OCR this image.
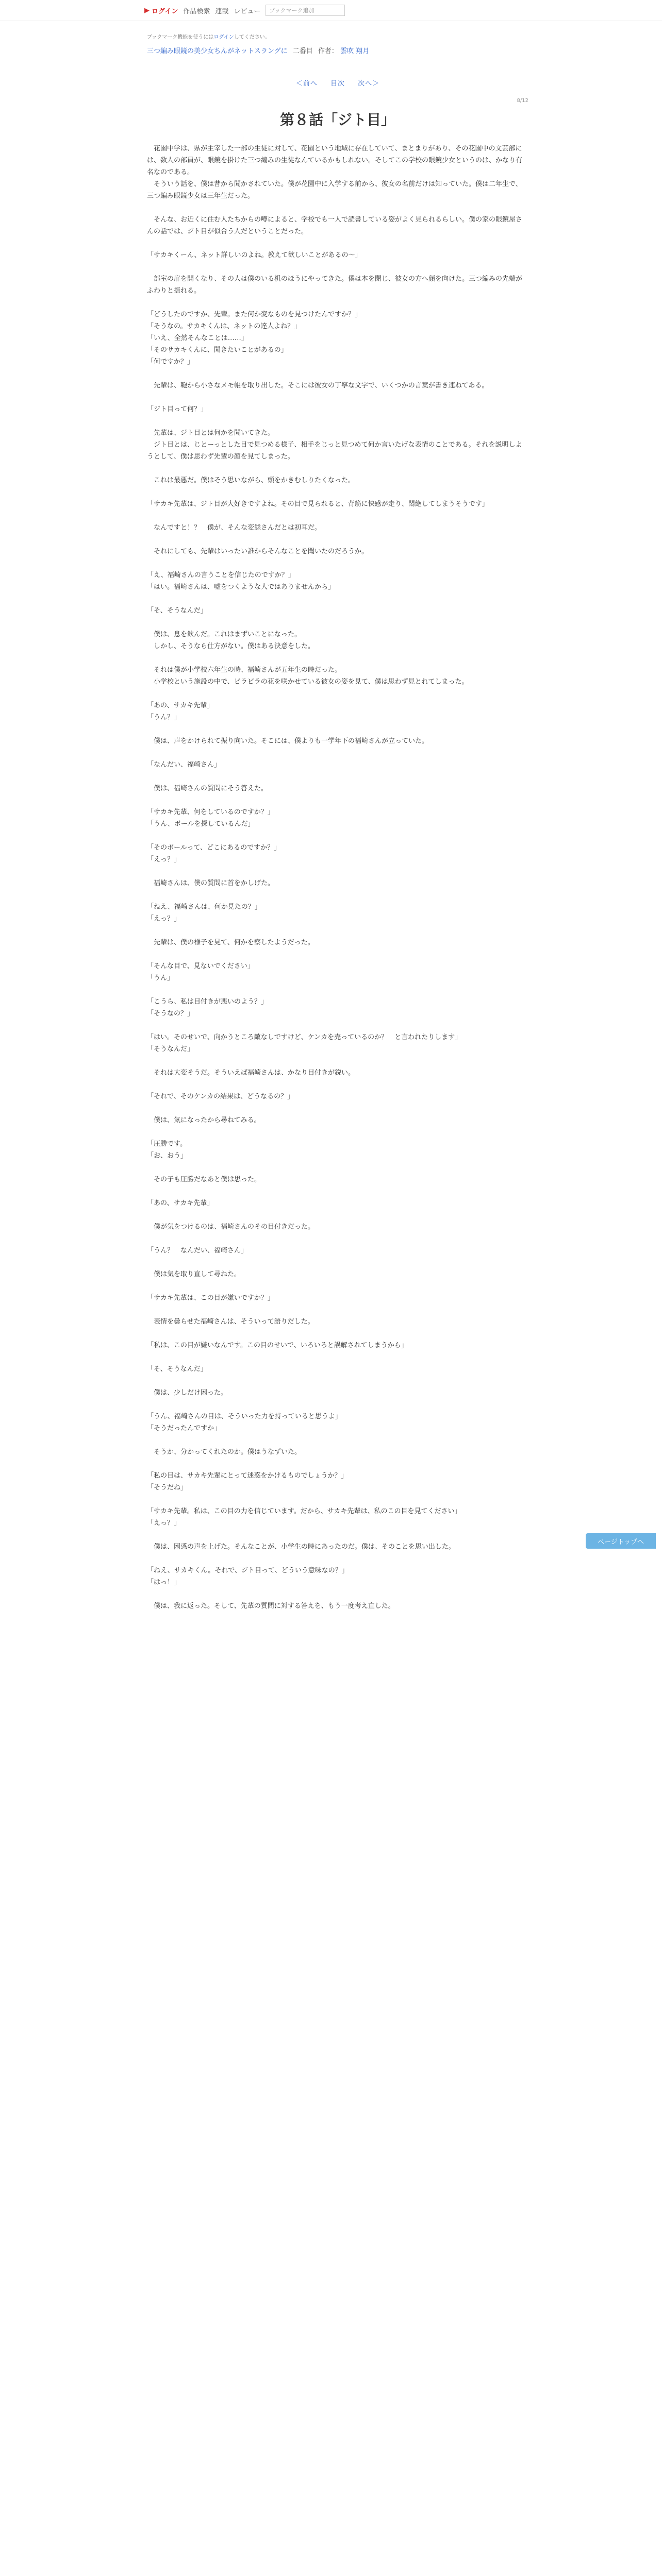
▶ ログイン 作品検索 連載 レビュー ブックマーク追加
ブックマーク機能を使うにはログインしてください。
三つ編み眼鏡の美少女ちんがネットスラングに 二番目 作者： 雲吹 翔月
＜前へ 目次 次へ＞
8/12
第８話「ジト目」

　花園中学は、県が主宰した一部の生徒に対して、花園という地域に存在していて、まとまりがあり、その花園中の文芸部には、数人の部員が、眼鏡を掛けた三つ編みの生徒なんているかもしれない。そしてこの学校の眼鏡少女というのは、かなり有名なのである。

　そういう話を、僕は昔から聞かされていた。僕が花園中に入学する前から、彼女の名前だけは知っていた。僕は二年生で、三つ編み眼鏡少女は三年生だった。

　そんな、お近くに住む人たちからの噂によると、学校でも一人で読書している姿がよく見られるらしい。僕の家の眼鏡屋さんの話では、ジト目が似合う人だということだった。

「サカキくーん、ネット詳しいのよね。教えて欲しいことがあるの～」

　部室の扉を開くなり、その人は僕のいる机のほうにやってきた。僕は本を閉じ、彼女の方へ顔を向けた。三つ編みの先端がふわりと揺れる。

「どうしたのですか、先輩。また何か変なものを見つけたんですか？」

「そうなの。サカキくんは、ネットの達人よね？」

「いえ、全然そんなことは……」

「そのサカキくんに、聞きたいことがあるの」

「何ですか？」

　先輩は、鞄から小さなメモ帳を取り出した。そこには彼女の丁寧な文字で、いくつかの言葉が書き連ねてある。

「ジト目って何？」

　先輩は、ジト目とは何かを聞いてきた。

　ジト目とは、じとーっとした目で見つめる様子、相手をじっと見つめて何か言いたげな表情のことである。それを説明しようとして、僕は思わず先輩の顔を見てしまった。

　これは最悪だ。僕はそう思いながら、頭をかきむしりたくなった。

「サカキ先輩は、ジト目が大好きですよね。その目で見られると、背筋に快感が走り、悶絶してしまうそうです」

　なんですと！？　僕が、そんな変態さんだとは初耳だ。

　それにしても、先輩はいったい誰からそんなことを聞いたのだろうか。

「え、福崎さんの言うことを信じたのですか？」

「はい。福崎さんは、嘘をつくような人ではありませんから」

「そ、そうなんだ」

　僕は、息を飲んだ。これはまずいことになった。

　しかし、そうなら仕方がない。僕はある決意をした。

　それは僕が小学校六年生の時、福崎さんが五年生の時だった。

　小学校という施設の中で、ビラビラの花を咲かせている彼女の姿を見て、僕は思わず見とれてしまった。

「あの、サカキ先輩」

「うん？」

　僕は、声をかけられて振り向いた。そこには、僕よりも一学年下の福崎さんが立っていた。

「なんだい、福崎さん」

　僕は、福崎さんの質問にそう答えた。

「サカキ先輩、何をしているのですか？」

「うん、ボールを探しているんだ」

「そのボールって、どこにあるのですか？」

「えっ？」

　福崎さんは、僕の質問に首をかしげた。

「ねえ、福崎さんは、何か見たの？」

「えっ？」

　先輩は、僕の様子を見て、何かを察したようだった。

「そんな目で、見ないでください」

「うん」

「こうら、私は目付きが悪いのよう？」

「そうなの？」

「はい。そのせいで、向かうところ敵なしですけど、ケンカを売っているのか？　と言われたりします」

「そうなんだ」

　それは大変そうだ。そういえば福崎さんは、かなり目付きが鋭い。

「それで、そのケンカの結果は、どうなるの？」

　僕は、気になったから尋ねてみる。

「圧勝です。

「お、おう」

　その子も圧勝だなあと僕は思った。

「あの、サカキ先輩」

　僕が気をつけるのは、福崎さんのその目付きだった。

「うん？　なんだい、福崎さん」

　僕は気を取り直して尋ねた。

「サカキ先輩は、この目が嫌いですか？」

　表情を曇らせた福崎さんは、そういって語りだした。

「私は、この目が嫌いなんです。この目のせいで、いろいろと誤解されてしまうから」

「そ、そうなんだ」

　僕は、少しだけ困った。

「うん、福崎さんの目は、そういった力を持っていると思うよ」

「そうだったんですか」

　そうか、分かってくれたのか。僕はうなずいた。

「私の目は、サカキ先輩にとって迷惑をかけるものでしょうか？」

「そうだね」

「サカキ先輩。私は、この目の力を信じています。だから、サカキ先輩は、私のこの目を見てください」

「えっ？」

　僕は、困惑の声を上げた。そんなことが、小学生の時にあったのだ。僕は、そのことを思い出した。

「ねえ、サカキくん。それで、ジト目って、どういう意味なの？」

「はっ！」

　僕は、我に返った。そして、先輩の質問に対する答えを、もう一度考え直した。

ページトップへ
